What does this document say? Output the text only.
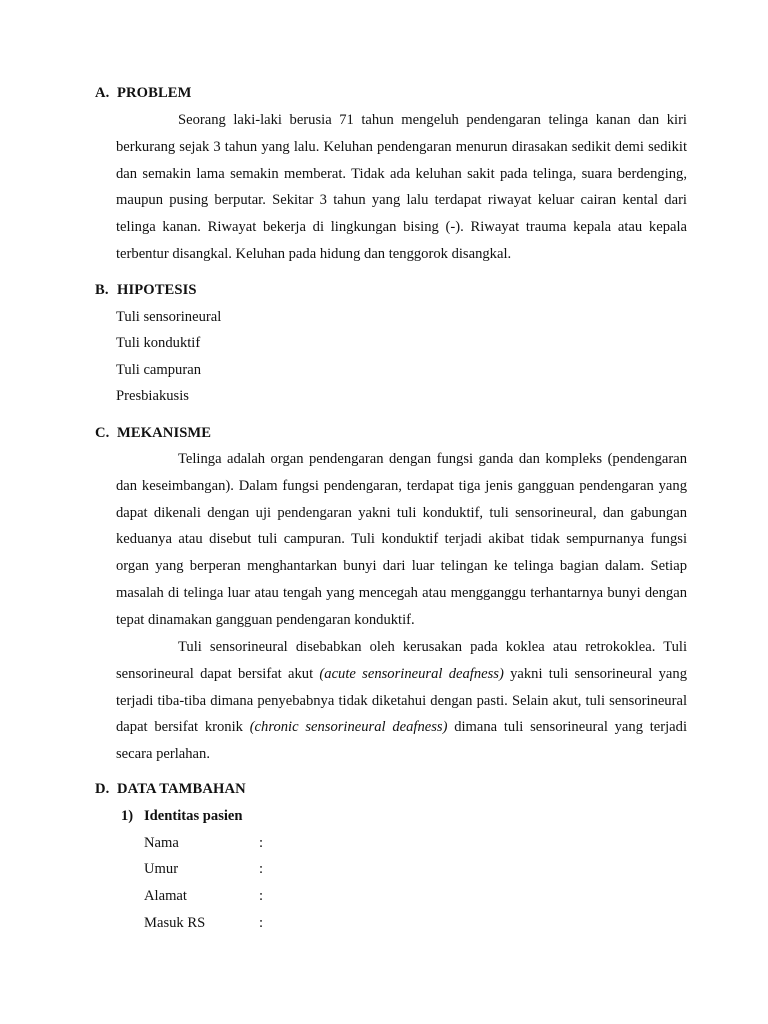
A. PROBLEM

Seorang laki-laki berusia 71 tahun mengeluh pendengaran telinga kanan dan kiri berkurang sejak 3 tahun yang lalu. Keluhan pendengaran menurun dirasakan sedikit demi sedikit dan semakin lama semakin memberat. Tidak ada keluhan sakit pada telinga, suara berdenging, maupun pusing berputar. Sekitar 3 tahun yang lalu terdapat riwayat keluar cairan kental dari telinga kanan. Riwayat bekerja di lingkungan bising (-). Riwayat trauma kepala atau kepala terbentur disangkal. Keluhan pada hidung dan tenggorok disangkal.

B. HIPOTESIS
Tuli sensorineural
Tuli konduktif
Tuli campuran
Presbiakusis
C. MEKANISME

Telinga adalah organ pendengaran dengan fungsi ganda dan kompleks (pendengaran dan keseimbangan). Dalam fungsi pendengaran, terdapat tiga jenis gangguan pendengaran yang dapat dikenali dengan uji pendengaran yakni tuli konduktif, tuli sensorineural, dan gabungan keduanya atau disebut tuli campuran. Tuli konduktif terjadi akibat tidak sempurnanya fungsi organ yang berperan menghantarkan bunyi dari luar telingan ke telinga bagian dalam. Setiap masalah di telinga luar atau tengah yang mencegah atau mengganggu terhantarnya bunyi dengan tepat dinamakan gangguan pendengaran konduktif.

Tuli sensorineural disebabkan oleh kerusakan pada koklea atau retrokoklea. Tuli sensorineural dapat bersifat akut (acute sensorineural deafness) yakni tuli sensorineural yang terjadi tiba-tiba dimana penyebabnya tidak diketahui dengan pasti. Selain akut, tuli sensorineural dapat bersifat kronik (chronic sensorineural deafness) dimana tuli sensorineural yang terjadi secara perlahan.

D. DATA TAMBAHAN
1) Identitas pasien
Nama	:
Umur	:
Alamat	:
Masuk RS	:
